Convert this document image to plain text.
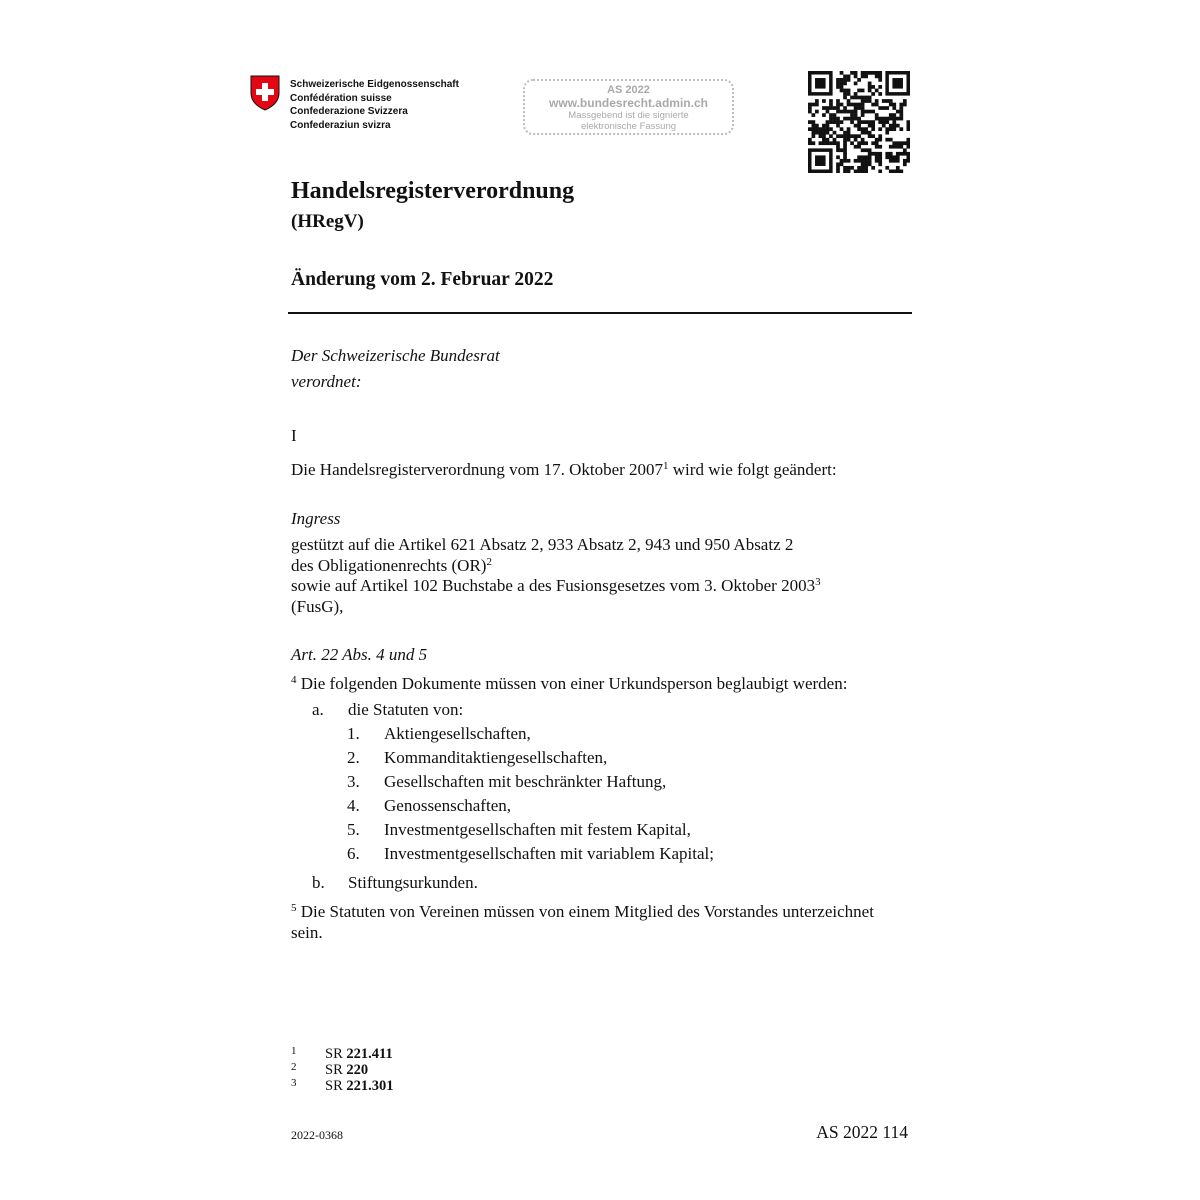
Schweizerische Eidgenossenschaft
Confédération suisse
Confederazione Svizzera
Confederaziun svizra
AS 2022
www.bundesrecht.admin.ch
Massgebend ist die signierte
elektronische Fassung
Handelsregisterverordnung
(HRegV)
Änderung vom 2. Februar 2022
Der Schweizerische Bundesrat
verordnet:
I
Die Handelsregisterverordnung vom 17. Oktober 2007$^1$ wird wie folgt geändert:
Ingress
gestützt auf die Artikel 621 Absatz 2, 933 Absatz 2, 943 und 950 Absatz 2
des Obligationenrechts (OR)$^2$
sowie auf Artikel 102 Buchstabe a des Fusionsgesetzes vom 3. Oktober 2003$^3$
(FusG),
Art. 22 Abs. 4 und 5
$^4$ Die folgenden Dokumente müssen von einer Urkundsperson beglaubigt werden:
a. die Statuten von:
1. Aktiengesellschaften,
2. Kommanditaktiengesellschaften,
3. Gesellschaften mit beschränkter Haftung,
4. Genossenschaften,
5. Investmentgesellschaften mit festem Kapital,
6. Investmentgesellschaften mit variablem Kapital;
b. Stiftungsurkunden.
$^5$ Die Statuten von Vereinen müssen von einem Mitglied des Vorstandes unterzeichnet
sein.
1 SR 221.411
2 SR 220
3 SR 221.301
2022-0368	AS 2022 114
